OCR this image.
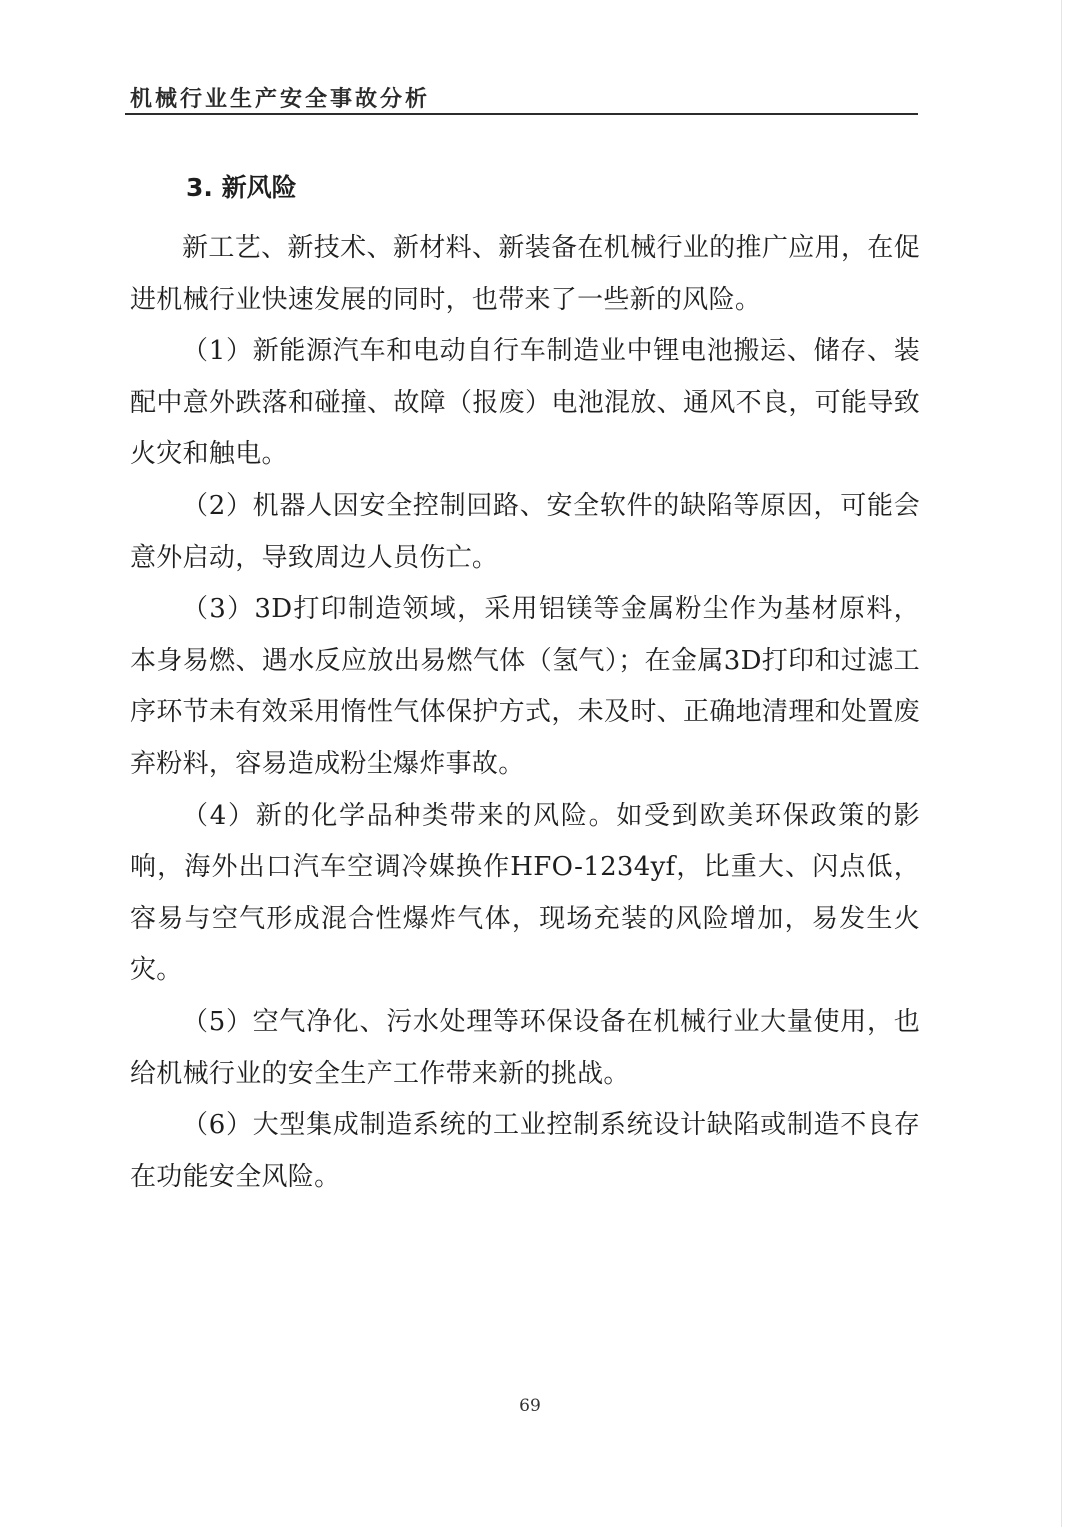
机械行业生产安全事故分析
3. 新风险

新工艺、新技术、新材料、新装备在机械行业的推广应用，在促进机械行业快速发展的同时，也带来了一些新的风险。

（1）新能源汽车和电动自行车制造业中锂电池搬运、储存、装配中意外跌落和碰撞、故障（报废）电池混放、通风不良，可能导致火灾和触电。

（2）机器人因安全控制回路、安全软件的缺陷等原因，可能会意外启动，导致周边人员伤亡。

（3）3D打印制造领域，采用铝镁等金属粉尘作为基材原料，本身易燃、遇水反应放出易燃气体（氢气）；在金属3D打印和过滤工序环节未有效采用惰性气体保护方式，未及时、正确地清理和处置废弃粉料，容易造成粉尘爆炸事故。

（4）新的化学品种类带来的风险。如受到欧美环保政策的影响，海外出口汽车空调冷媒换作HFO-1234yf，比重大、闪点低，容易与空气形成混合性爆炸气体，现场充装的风险增加，易发生火灾。

（5）空气净化、污水处理等环保设备在机械行业大量使用，也给机械行业的安全生产工作带来新的挑战。

（6）大型集成制造系统的工业控制系统设计缺陷或制造不良存在功能安全风险。

69
